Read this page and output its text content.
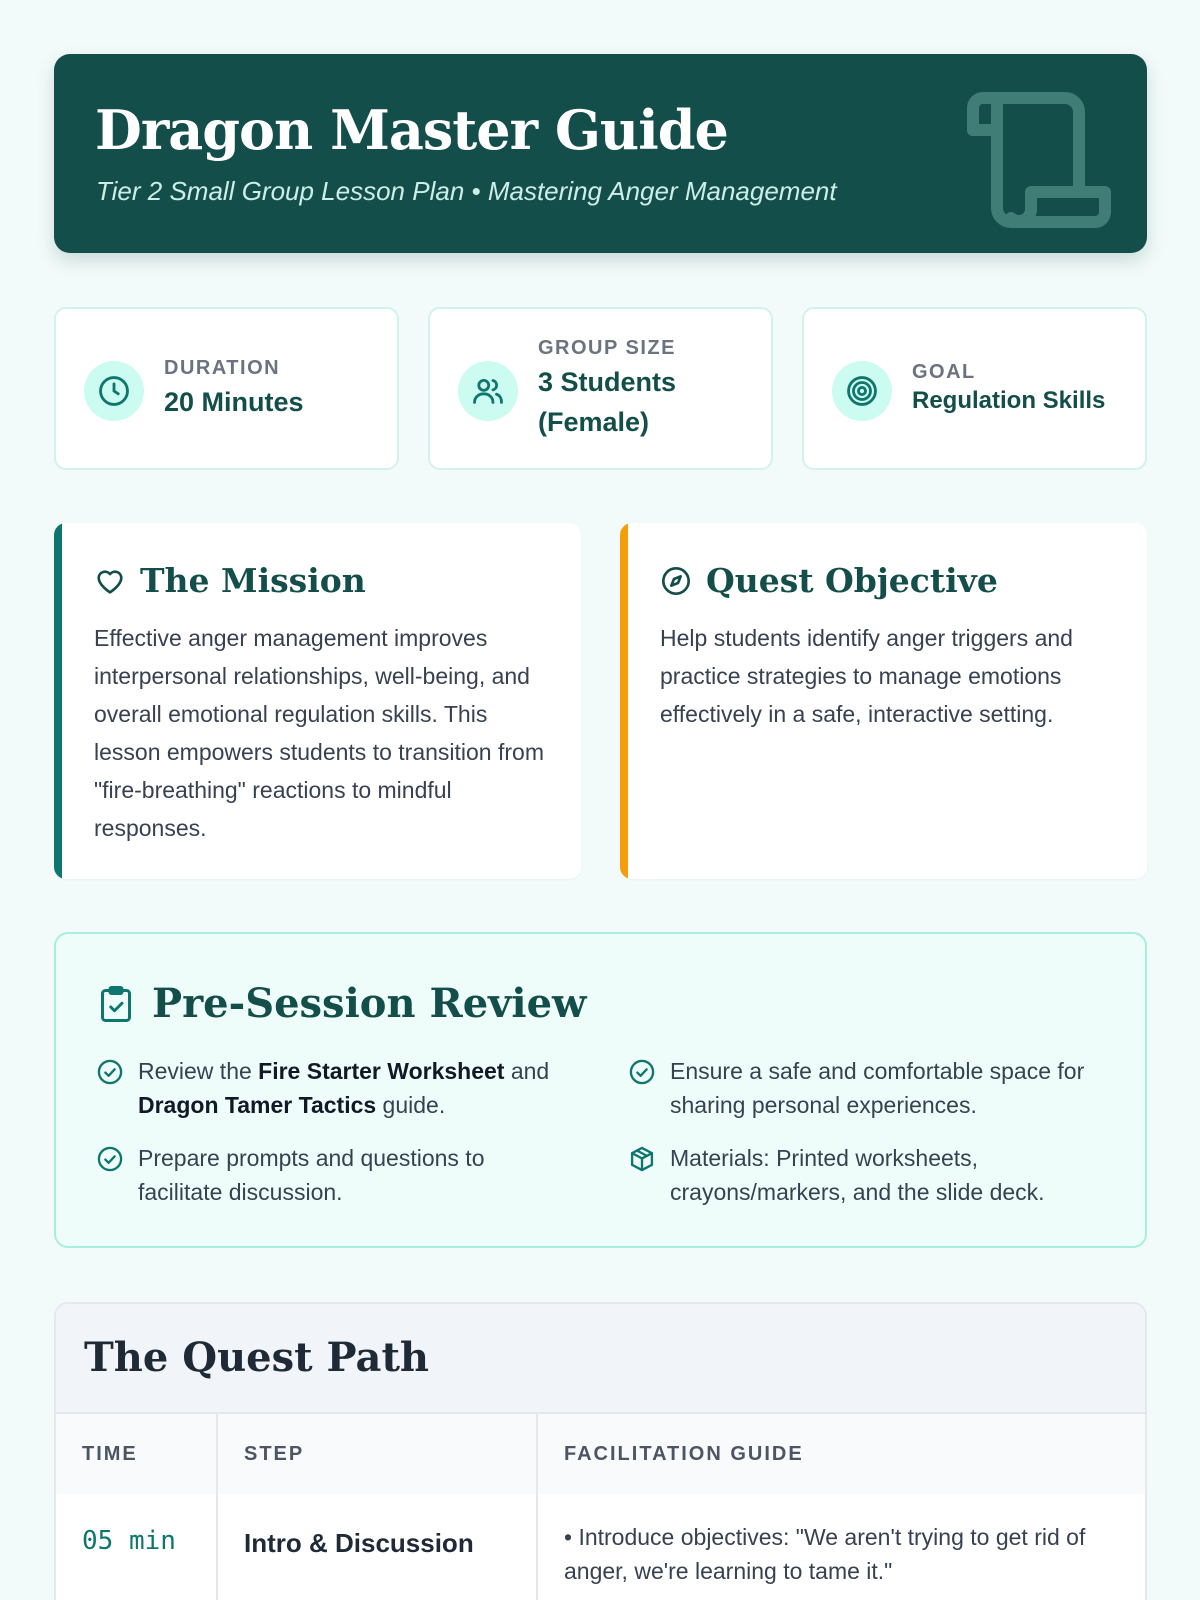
Dragon Master Guide
Tier 2 Small Group Lesson Plan • Mastering Anger Management
DURATION
20 Minutes
GROUP SIZE
3 Students
(Female)
GOAL
Regulation Skills
The Mission

Effective anger management improves interpersonal relationships, well-being, and overall emotional regulation skills. This lesson empowers students to transition from "fire-breathing" reactions to mindful responses.

Quest Objective

Help students identify anger triggers and practice strategies to manage emotions effectively in a safe, interactive setting.

Pre-Session Review
Review the Fire Starter Worksheet and Dragon Tamer Tactics guide.
Ensure a safe and comfortable space for sharing personal experiences.
Prepare prompts and questions to facilitate discussion.
Materials: Printed worksheets, crayons/markers, and the slide deck.
The Quest Path
TIME	STEP	FACILITATION GUIDE
05 min	Intro & Discussion	• Introduce objectives: "We aren't trying to get rid of anger, we're learning to tame it."
